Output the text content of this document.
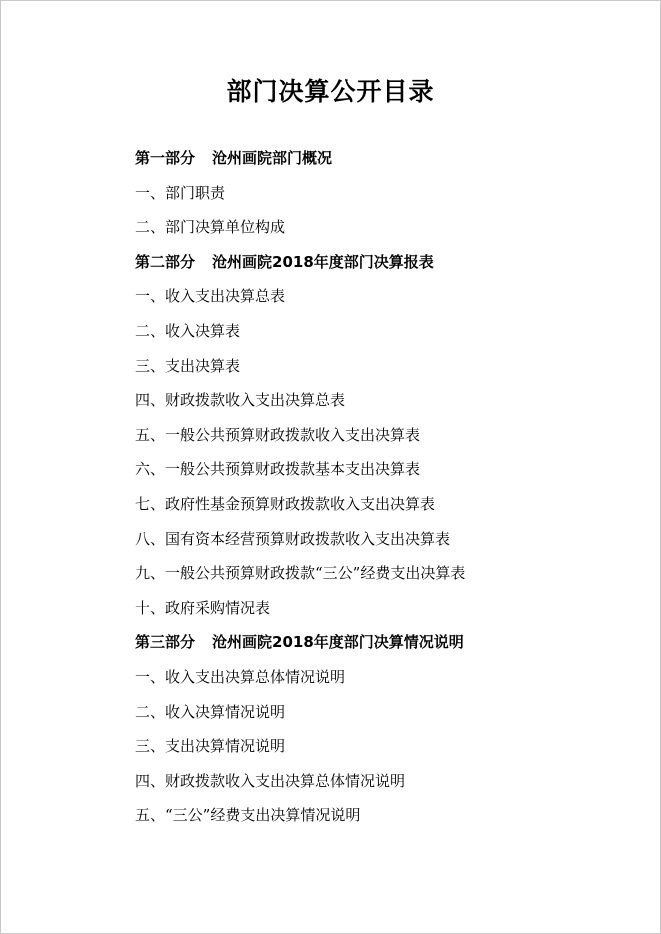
部门决算公开目录
第一部分 沧州画院部门概况
一、部门职责
二、部门决算单位构成
第二部分 沧州画院2018年度部门决算报表
一、收入支出决算总表
二、收入决算表
三、支出决算表
四、财政拨款收入支出决算总表
五、一般公共预算财政拨款收入支出决算表
六、一般公共预算财政拨款基本支出决算表
七、政府性基金预算财政拨款收入支出决算表
八、国有资本经营预算财政拨款收入支出决算表
九、一般公共预算财政拨款“三公”经费支出决算表
十、政府采购情况表
第三部分 沧州画院2018年度部门决算情况说明
一、收入支出决算总体情况说明
二、收入决算情况说明
三、支出决算情况说明
四、财政拨款收入支出决算总体情况说明
五、“三公”经费支出决算情况说明
